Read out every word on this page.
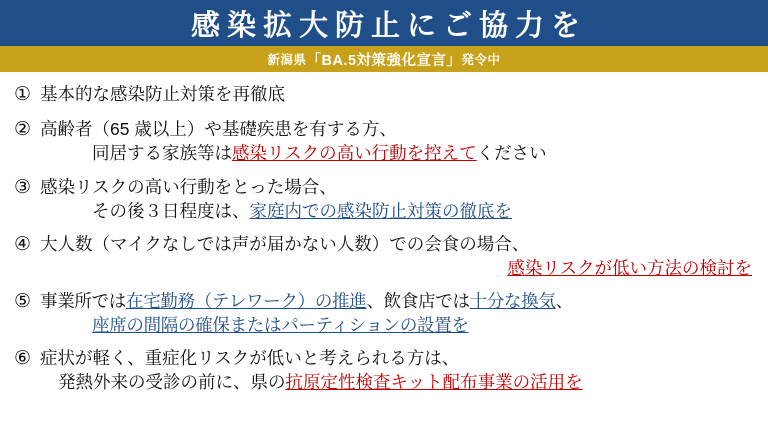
感染拡大防止にご協力を
新潟県 「BA.5対策強化宣言」 発令中
① 基本的な感染防止対策を再徹底
② 高齢者（65 歳以上）や基礎疾患を有する方、
同居する家族等は感染リスクの高い行動を控えてください
③ 感染リスクの高い行動をとった場合、
その後３日程度は、家庭内での感染防止対策の徹底を
④ 大人数（マイクなしでは声が届かない人数）での会食の場合、
感染リスクが低い方法の検討を
⑤ 事業所では在宅勤務（テレワーク）の推進、飲食店では十分な換気、
座席の間隔の確保またはパーティションの設置を
⑥ 症状が軽く、重症化リスクが低いと考えられる方は、
発熱外来の受診の前に、県の抗原定性検査キット配布事業の活用を
